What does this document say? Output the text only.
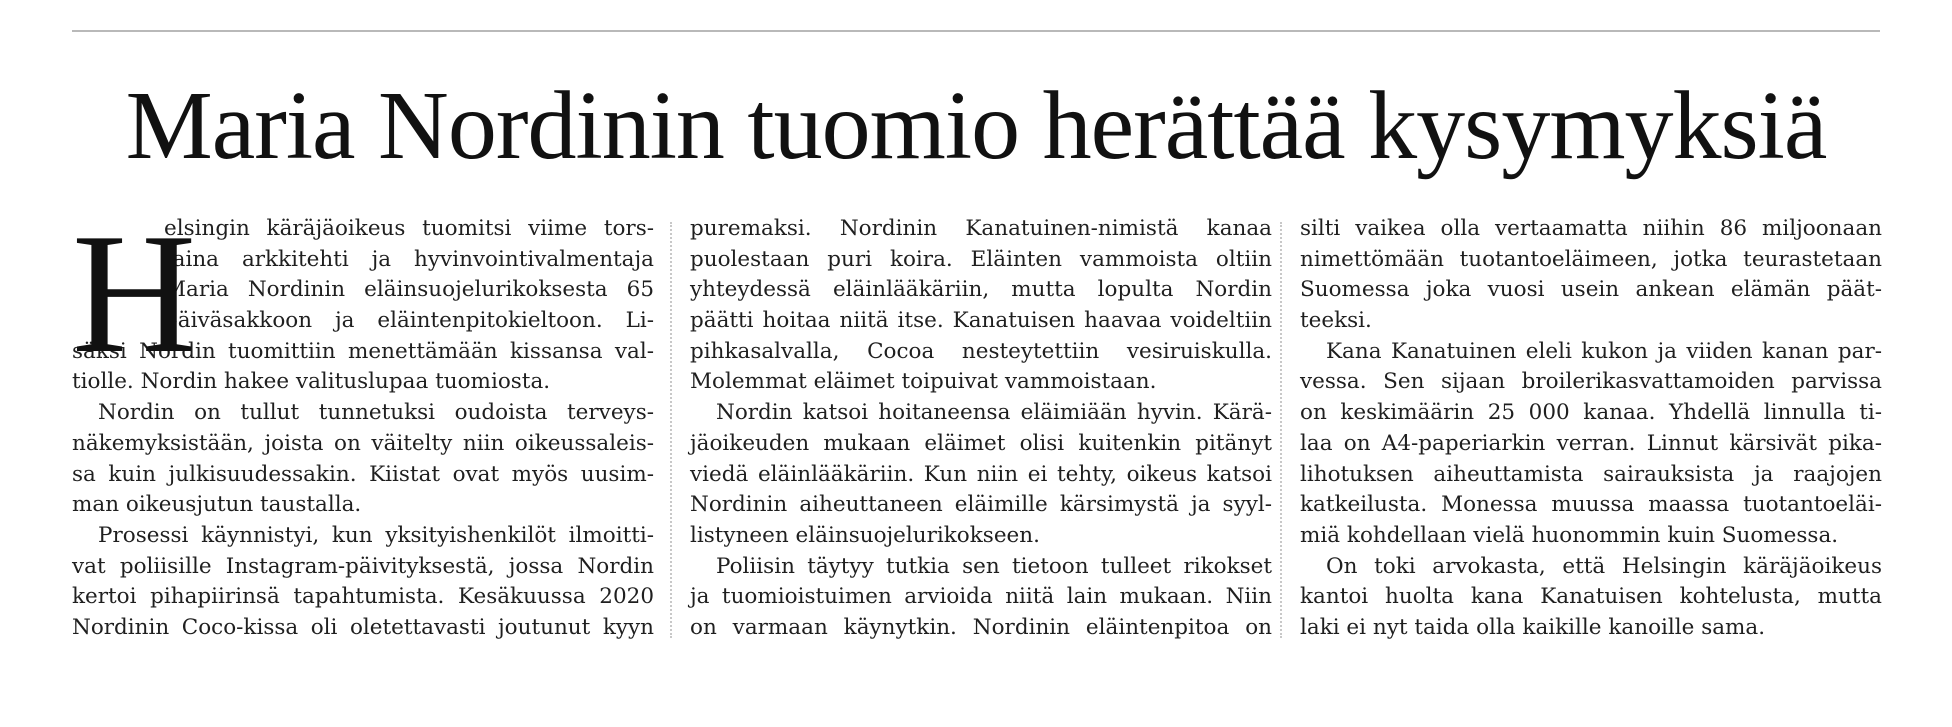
Maria Nordinin tuomio herättää kysymyksiä
H
elsingin käräjäoikeus tuomitsi viime tors-
taina arkkitehti ja hyvinvointivalmentaja
Maria Nordinin eläinsuojelurikoksesta 65
päiväsakkoon ja eläintenpitokieltoon. Li-
säksi Nordin tuomittiin menettämään kissansa val-
tiolle. Nordin hakee valituslupaa tuomiosta.
Nordin on tullut tunnetuksi oudoista terveys-
näkemyksistään, joista on väitelty niin oikeussaleis-
sa kuin julkisuudessakin. Kiistat ovat myös uusim-
man oikeusjutun taustalla.
Prosessi käynnistyi, kun yksityishenkilöt ilmoitti-
vat poliisille Instagram-päivityksestä, jossa Nordin
kertoi pihapiirinsä tapahtumista. Kesäkuussa 2020
Nordinin Coco-kissa oli oletettavasti joutunut kyyn
puremaksi. Nordinin Kanatuinen-nimistä kanaa
puolestaan puri koira. Eläinten vammoista oltiin
yhteydessä eläinlääkäriin, mutta lopulta Nordin
päätti hoitaa niitä itse. Kanatuisen haavaa voideltiin
pihkasalvalla, Cocoa nesteytettiin vesiruiskulla.
Molemmat eläimet toipuivat vammoistaan.
Nordin katsoi hoitaneensa eläimiään hyvin. Kärä-
jäoikeuden mukaan eläimet olisi kuitenkin pitänyt
viedä eläinlääkäriin. Kun niin ei tehty, oikeus katsoi
Nordinin aiheuttaneen eläimille kärsimystä ja syyl-
listyneen eläinsuojelurikokseen.
Poliisin täytyy tutkia sen tietoon tulleet rikokset
ja tuomioistuimen arvioida niitä lain mukaan. Niin
on varmaan käynytkin. Nordinin eläintenpitoa on
silti vaikea olla vertaamatta niihin 86 miljoonaan
nimettömään tuotantoeläimeen, jotka teurastetaan
Suomessa joka vuosi usein ankean elämän päät-
teeksi.
Kana Kanatuinen eleli kukon ja viiden kanan par-
vessa. Sen sijaan broilerikasvattamoiden parvissa
on keskimäärin 25 000 kanaa. Yhdellä linnulla ti-
laa on A4-paperiarkin verran. Linnut kärsivät pika-
lihotuksen aiheuttamista sairauksista ja raajojen
katkeilusta. Monessa muussa maassa tuotantoeläi-
miä kohdellaan vielä huonommin kuin Suomessa.
On toki arvokasta, että Helsingin käräjäoikeus
kantoi huolta kana Kanatuisen kohtelusta, mutta
laki ei nyt taida olla kaikille kanoille sama.
